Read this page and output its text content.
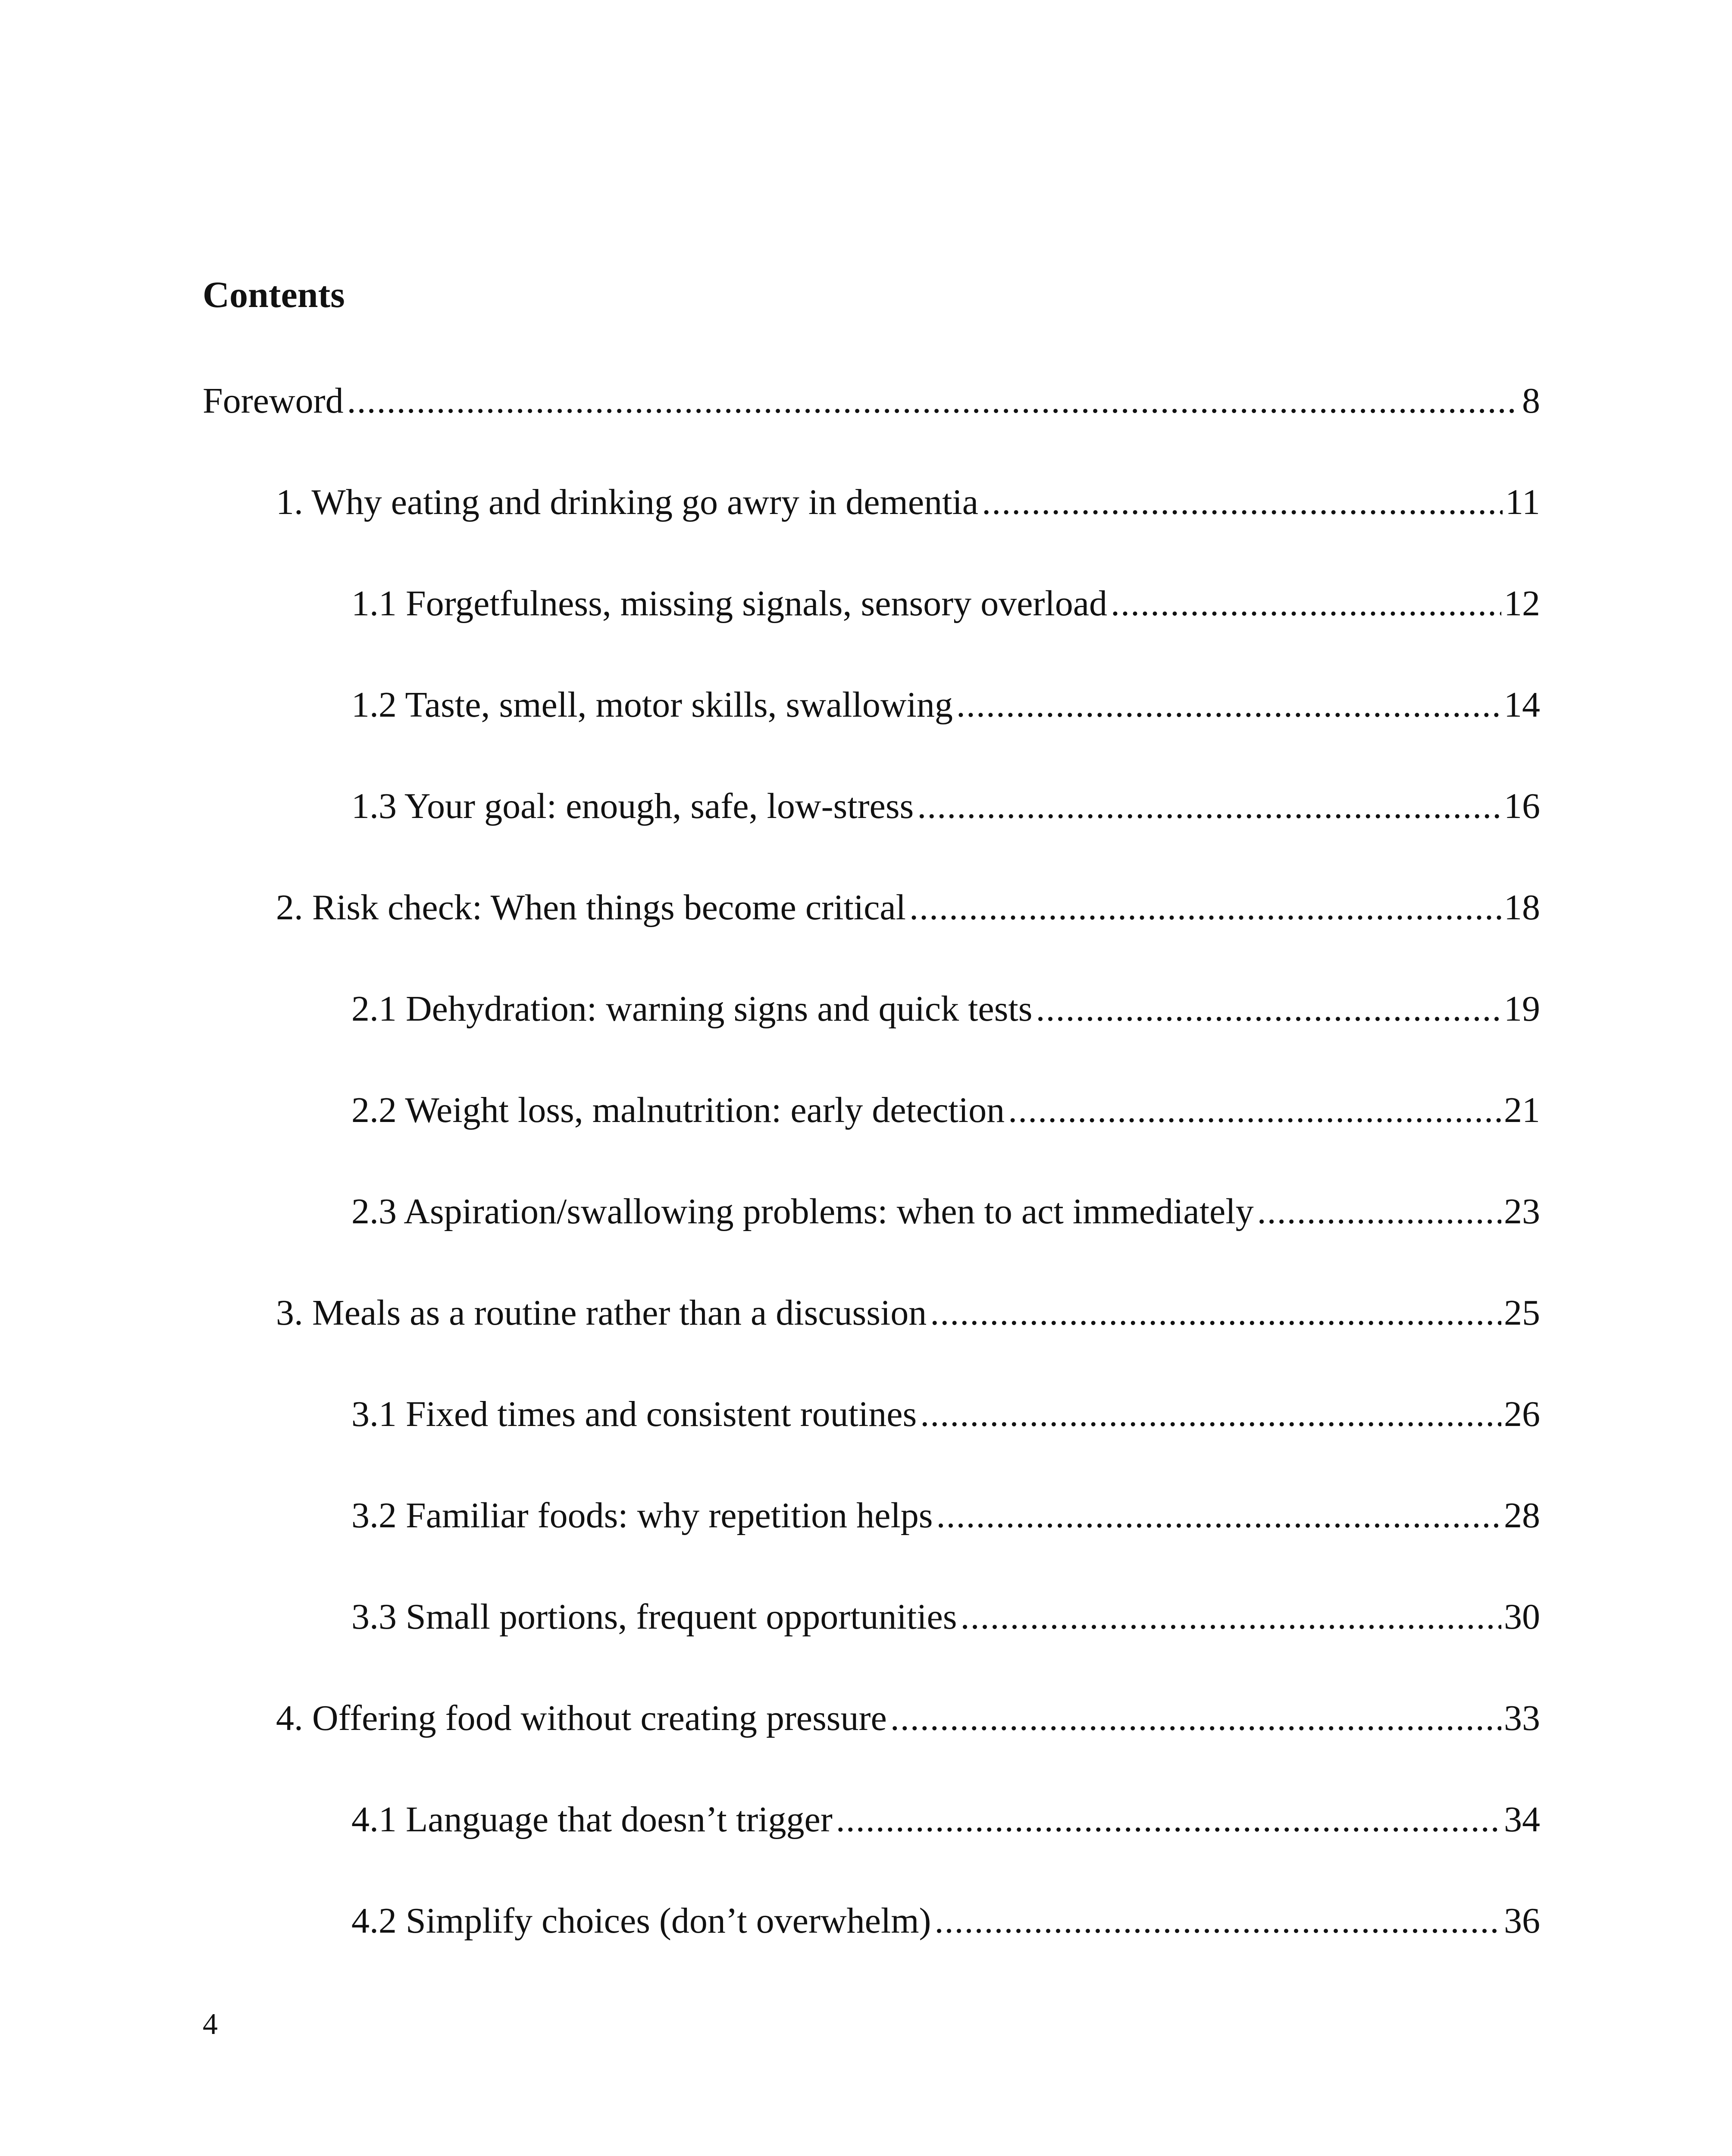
Contents
Foreword .....	8
1. Why eating and drinking go awry in dementia .....	11
1.1 Forgetfulness, missing signals, sensory overload .....	12
1.2 Taste, smell, motor skills, swallowing .....	14
1.3 Your goal: enough, safe, low-stress .....	16
2. Risk check: When things become critical .....	18
2.1 Dehydration: warning signs and quick tests .....	19
2.2 Weight loss, malnutrition: early detection .....	21
2.3 Aspiration/swallowing problems: when to act immediately .....	23
3. Meals as a routine rather than a discussion .....	25
3.1 Fixed times and consistent routines .....	26
3.2 Familiar foods: why repetition helps .....	28
3.3 Small portions, frequent opportunities .....	30
4. Offering food without creating pressure .....	33
4.1 Language that doesn’t trigger .....	34
4.2 Simplify choices (don’t overwhelm) .....	36
4
